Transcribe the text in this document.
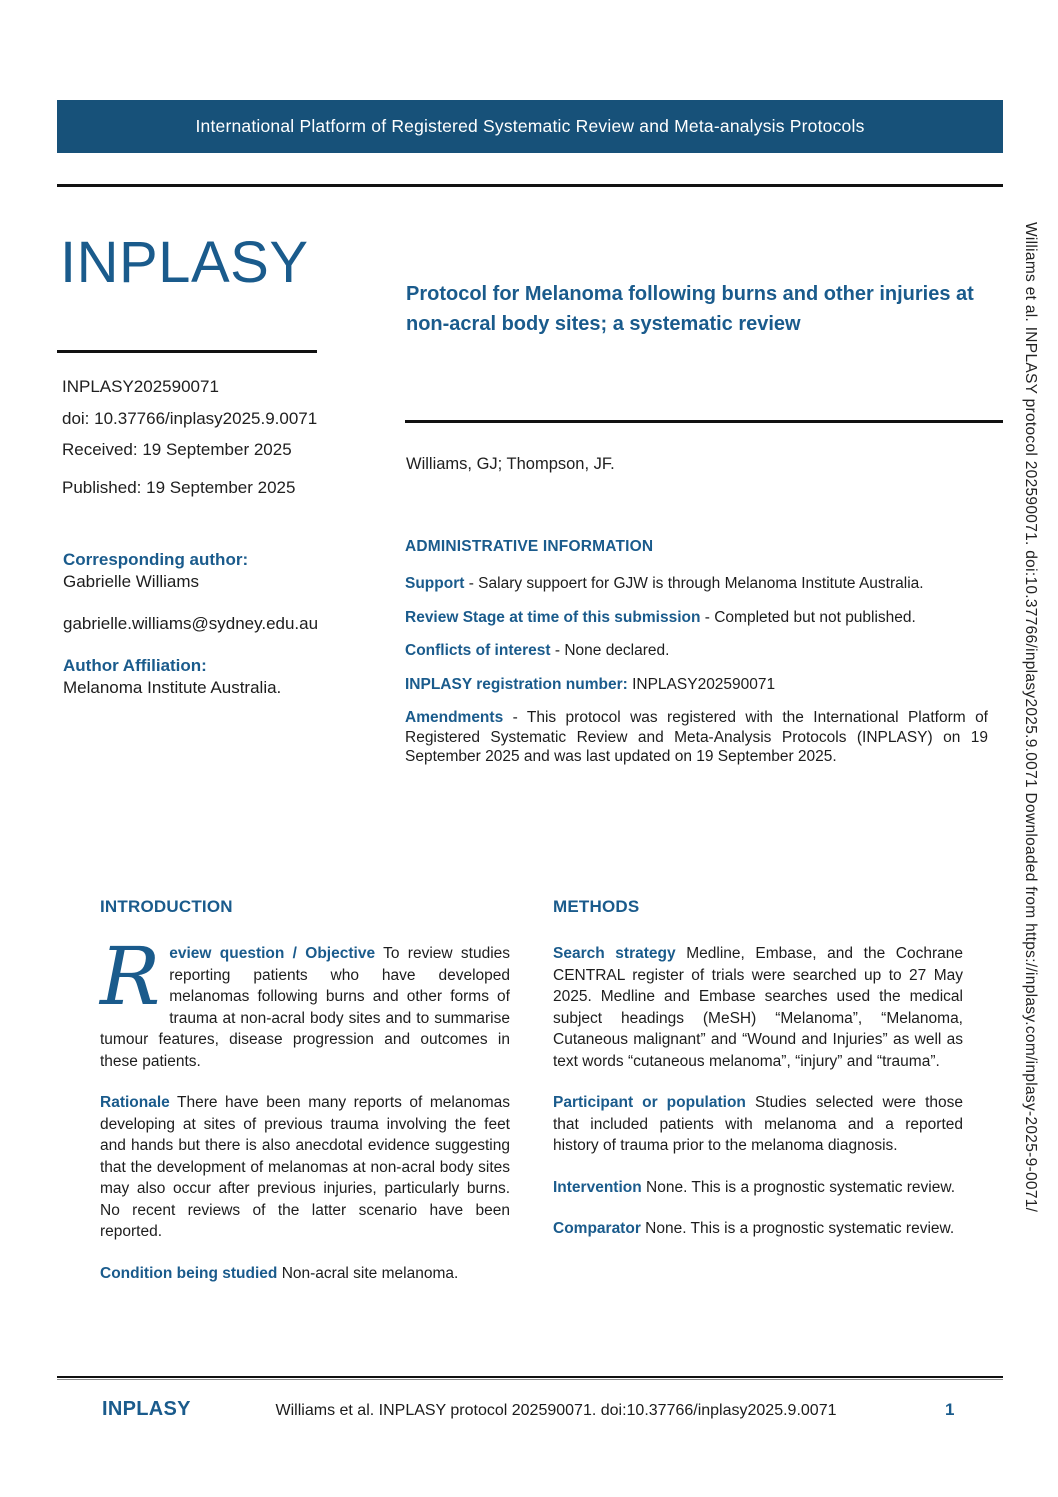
International Platform of Registered Systematic Review and Meta-analysis Protocols
Williams et al. INPLASY protocol 202590071. doi:10.37766/inplasy2025.9.0071 Downloaded from https://inplasy.com/inplasy-2025-9-0071/
INPLASY
INPLASY202590071
doi: 10.37766/inplasy2025.9.0071
Received: 19 September 2025
Published: 19 September 2025
Corresponding author:
Gabrielle Williams
gabrielle.williams@sydney.edu.au
Author Affiliation:
Melanoma Institute Australia.
Protocol for Melanoma following burns and other injuries at non-acral body sites; a systematic review
Williams, GJ; Thompson, JF.
ADMINISTRATIVE INFORMATION

Support - Salary suppoert for GJW is through Melanoma Institute Australia.

Review Stage at time of this submission - Completed but not published.

Conflicts of interest - None declared.

INPLASY registration number: INPLASY202590071

Amendments - This protocol was registered with the International Platform of Registered Systematic Review and Meta-Analysis Protocols (INPLASY) on 19 September 2025 and was last updated on 19 September 2025.

INTRODUCTION

Review question / Objective To review studies reporting patients who have developed melanomas following burns and other forms of trauma at non-acral body sites and to summarise tumour features, disease progression and outcomes in these patients.

Rationale There have been many reports of melanomas developing at sites of previous trauma involving the feet and hands but there is also anecdotal evidence suggesting that the development of melanomas at non-acral body sites may also occur after previous injuries, particularly burns. No recent reviews of the latter scenario have been reported.

Condition being studied Non-acral site melanoma.

METHODS

Search strategy Medline, Embase, and the Cochrane CENTRAL register of trials were searched up to 27 May 2025. Medline and Embase searches used the medical subject headings (MeSH) “Melanoma”, “Melanoma, Cutaneous malignant” and “Wound and Injuries” as well as text words “cutaneous melanoma”, “injury” and “trauma”.

Participant or population Studies selected were those that included patients with melanoma and a reported history of trauma prior to the melanoma diagnosis.

Intervention None. This is a prognostic systematic review.

Comparator None. This is a prognostic systematic review.

INPLASY	Williams et al. INPLASY protocol 202590071. doi:10.37766/inplasy2025.9.0071	1
